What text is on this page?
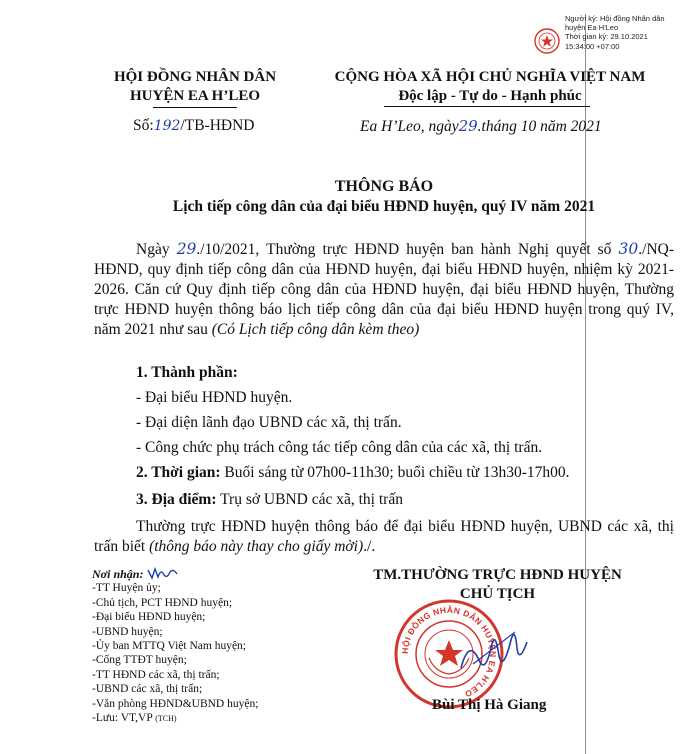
Người ký: Hội đồng Nhân dân
huyện Ea H'Leo
Thời gian ký: 29.10.2021
15:34:00 +07:00
HỘI ĐỒNG NHÂN DÂN
HUYỆN EA H’LEO
CỘNG HÒA XÃ HỘI CHỦ NGHĨA VIỆT NAM
Độc lập - Tự do - Hạnh phúc
Số:192/TB-HĐND	Ea H’Leo, ngày29.tháng 10 năm 2021
THÔNG BÁO
Lịch tiếp công dân của đại biểu HĐND huyện, quý IV năm 2021
Ngày 29./10/2021, Thường trực HĐND huyện ban hành Nghị quyết số 30./NQ-HĐND, quy định tiếp công dân của HĐND huyện, đại biểu HĐND huyện, nhiệm kỳ 2021-2026. Căn cứ Quy định tiếp công dân của HĐND huyện, đại biểu HĐND huyện, Thường trực HĐND huyện thông báo lịch tiếp công dân của đại biểu HĐND huyện trong quý IV, năm 2021 như sau (Có Lịch tiếp công dân kèm theo)
1. Thành phần:
- Đại biểu HĐND huyện.
- Đại diện lãnh đạo UBND các xã, thị trấn.
- Công chức phụ trách công tác tiếp công dân của các xã, thị trấn.
2. Thời gian: Buổi sáng từ 07h00-11h30; buổi chiều từ 13h30-17h00.
3. Địa điểm: Trụ sở UBND các xã, thị trấn
Thường trực HĐND huyện thông báo để đại biểu HĐND huyện, UBND các xã, thị trấn biết (thông báo này thay cho giấy mời)./.
Nơi nhận:
-TT Huyện ủy;
-Chủ tịch, PCT HĐND huyện;
-Đại biểu HĐND huyện;
-UBND huyện;
-Ủy ban MTTQ Việt Nam huyện;
-Cổng TTĐT huyện;
-TT HĐND các xã, thị trấn;
-UBND các xã, thị trấn;
-Văn phòng HĐND&UBND huyện;
-Lưu: VT,VP (TCH)
TM.THƯỜNG TRỰC HĐND HUYỆN
CHỦ TỊCH
HỘI ĐỒNG NHÂN DÂN HUYỆN EA H'LEO
Bùi Thị Hà Giang
